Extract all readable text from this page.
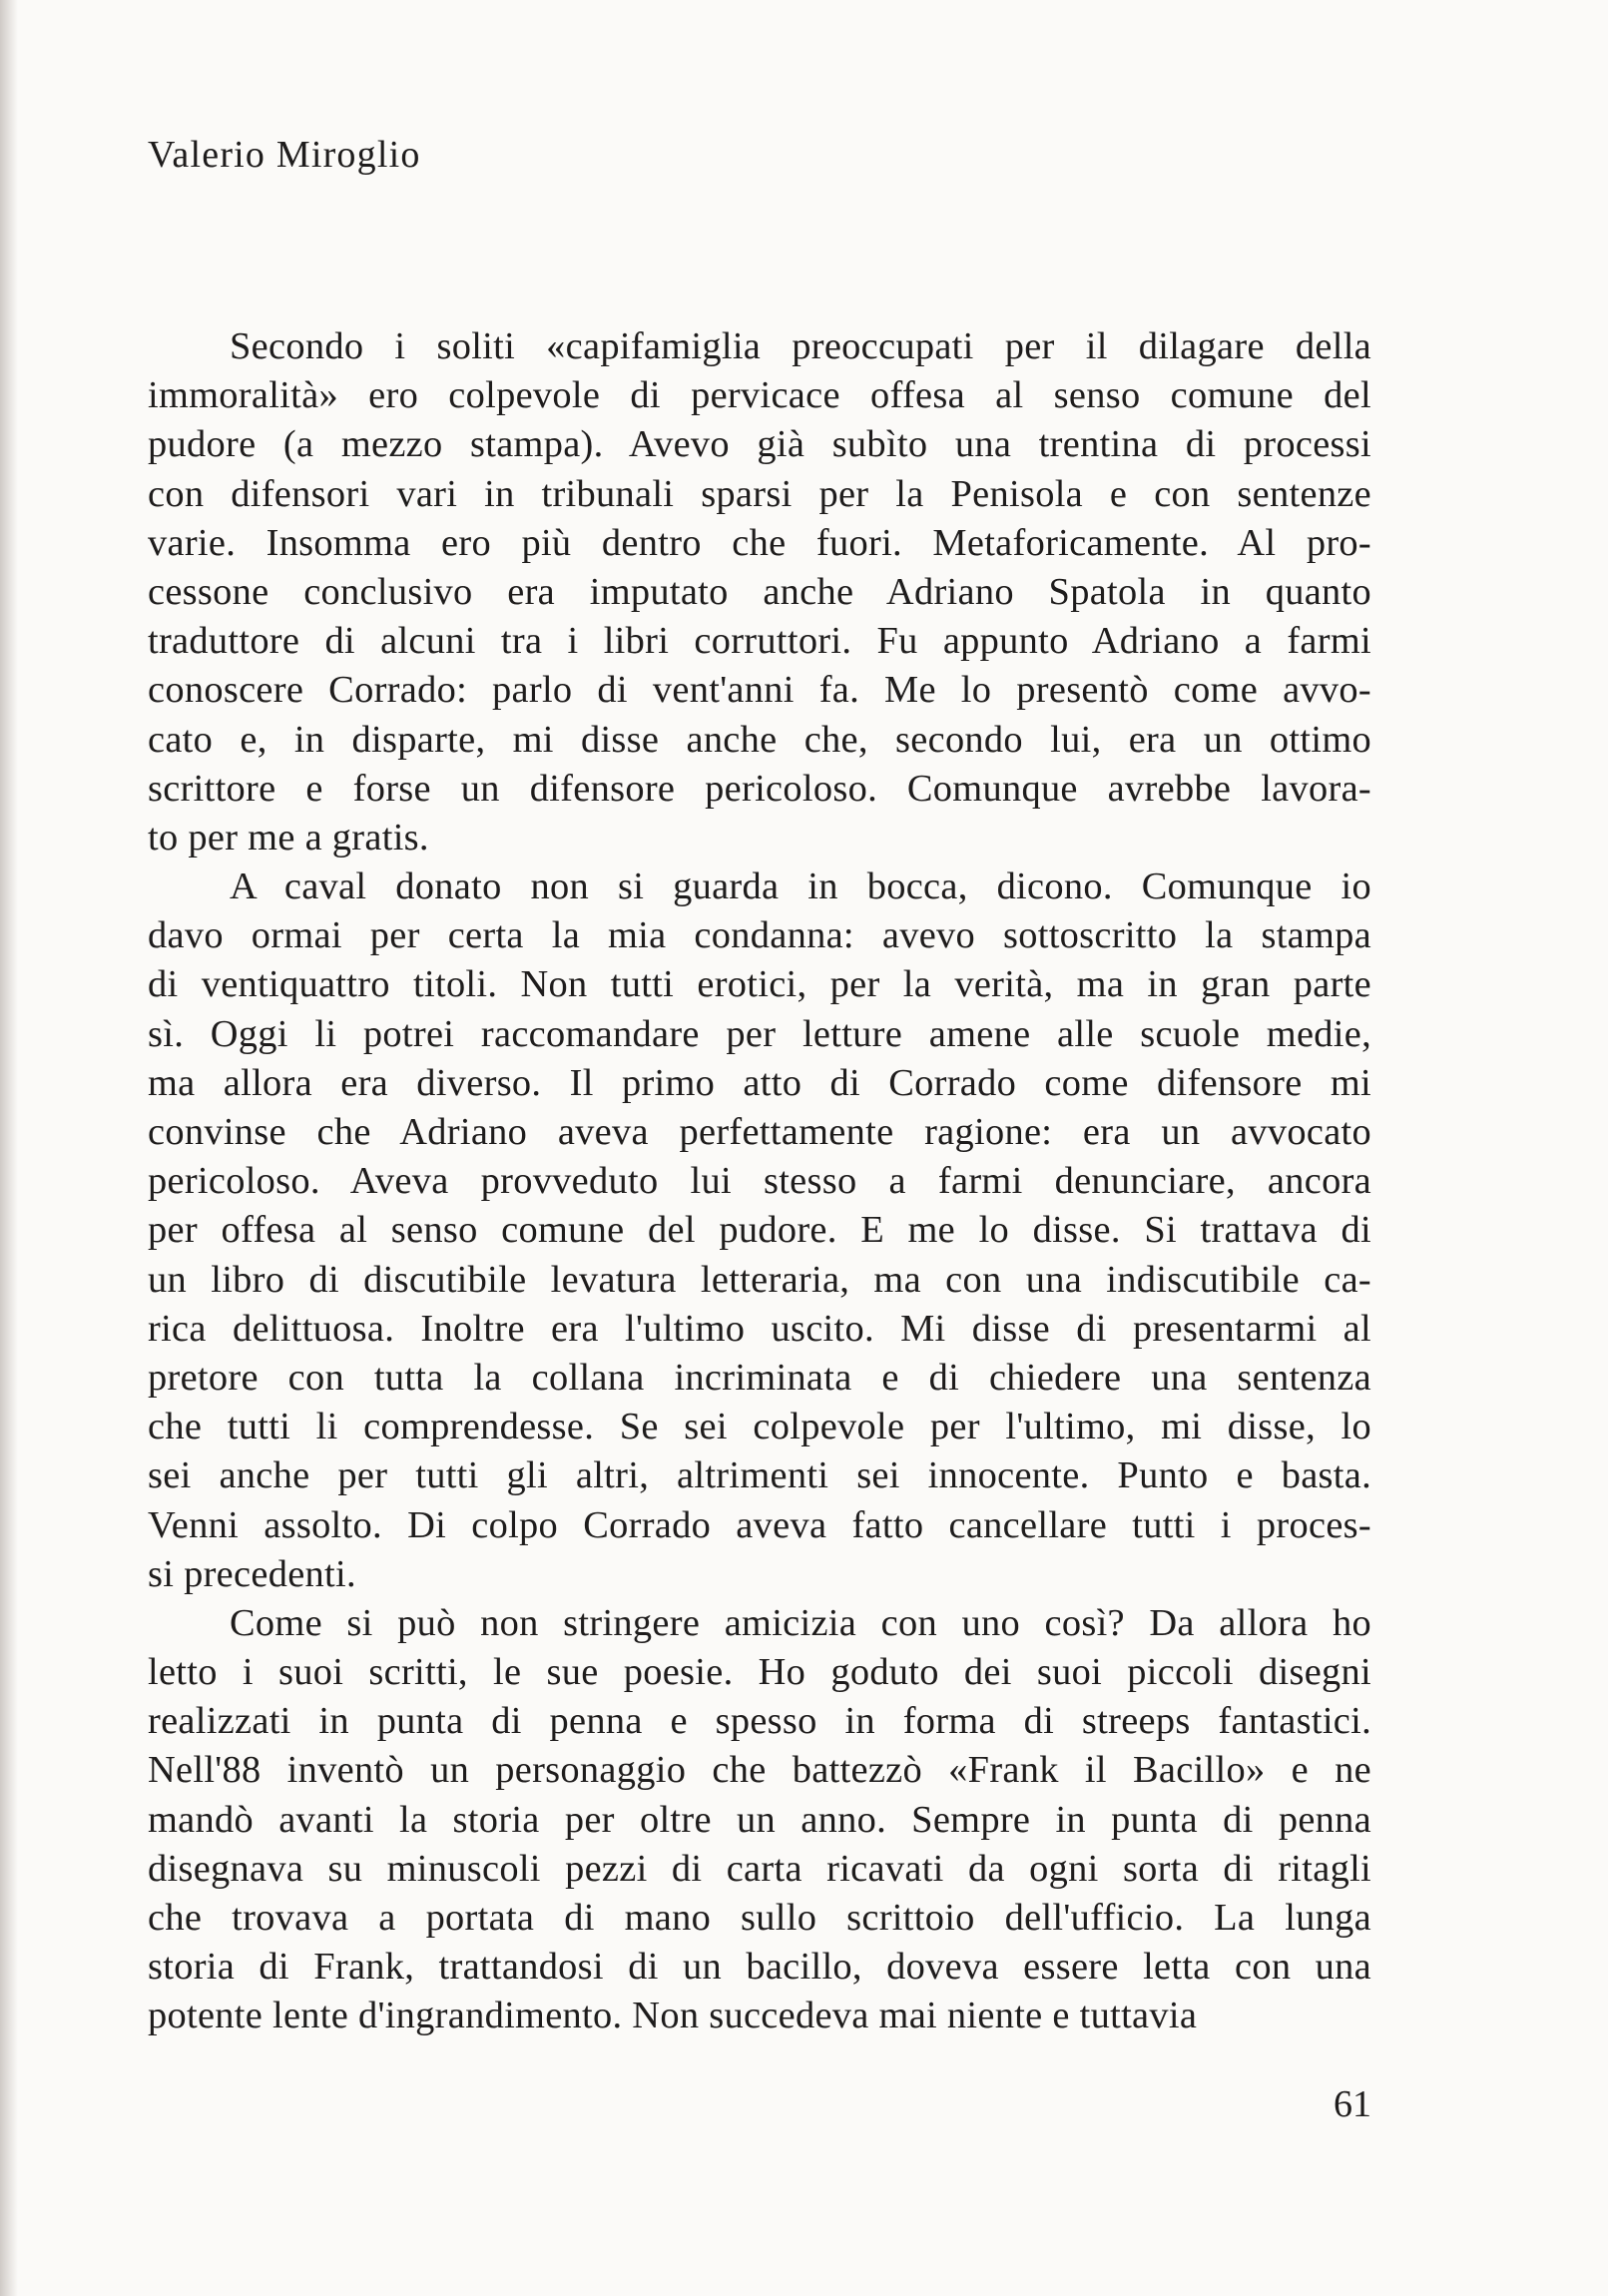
Valerio Miroglio
Secondo i soliti «capifamiglia preoccupati per il dilagare della
immoralità» ero colpevole di pervicace offesa al senso comune del
pudore (a mezzo stampa). Avevo già subìto una trentina di processi
con difensori vari in tribunali sparsi per la Penisola e con sentenze
varie. Insomma ero più dentro che fuori. Metaforicamente. Al pro-
cessone conclusivo era imputato anche Adriano Spatola in quanto
traduttore di alcuni tra i libri corruttori. Fu appunto Adriano a farmi
conoscere Corrado: parlo di vent'anni fa. Me lo presentò come avvo-
cato e, in disparte, mi disse anche che, secondo lui, era un ottimo
scrittore e forse un difensore pericoloso. Comunque avrebbe lavora-
to per me a gratis.
A caval donato non si guarda in bocca, dicono. Comunque io
davo ormai per certa la mia condanna: avevo sottoscritto la stampa
di ventiquattro titoli. Non tutti erotici, per la verità, ma in gran parte
sì. Oggi li potrei raccomandare per letture amene alle scuole medie,
ma allora era diverso. Il primo atto di Corrado come difensore mi
convinse che Adriano aveva perfettamente ragione: era un avvocato
pericoloso. Aveva provveduto lui stesso a farmi denunciare, ancora
per offesa al senso comune del pudore. E me lo disse. Si trattava di
un libro di discutibile levatura letteraria, ma con una indiscutibile ca-
rica delittuosa. Inoltre era l'ultimo uscito. Mi disse di presentarmi al
pretore con tutta la collana incriminata e di chiedere una sentenza
che tutti li comprendesse. Se sei colpevole per l'ultimo, mi disse, lo
sei anche per tutti gli altri, altrimenti sei innocente. Punto e basta.
Venni assolto. Di colpo Corrado aveva fatto cancellare tutti i proces-
si precedenti.
Come si può non stringere amicizia con uno così? Da allora ho
letto i suoi scritti, le sue poesie. Ho goduto dei suoi piccoli disegni
realizzati in punta di penna e spesso in forma di streeps fantastici.
Nell'88 inventò un personaggio che battezzò «Frank il Bacillo» e ne
mandò avanti la storia per oltre un anno. Sempre in punta di penna
disegnava su minuscoli pezzi di carta ricavati da ogni sorta di ritagli
che trovava a portata di mano sullo scrittoio dell'ufficio. La lunga
storia di Frank, trattandosi di un bacillo, doveva essere letta con una
potente lente d'ingrandimento. Non succedeva mai niente e tuttavia
61
